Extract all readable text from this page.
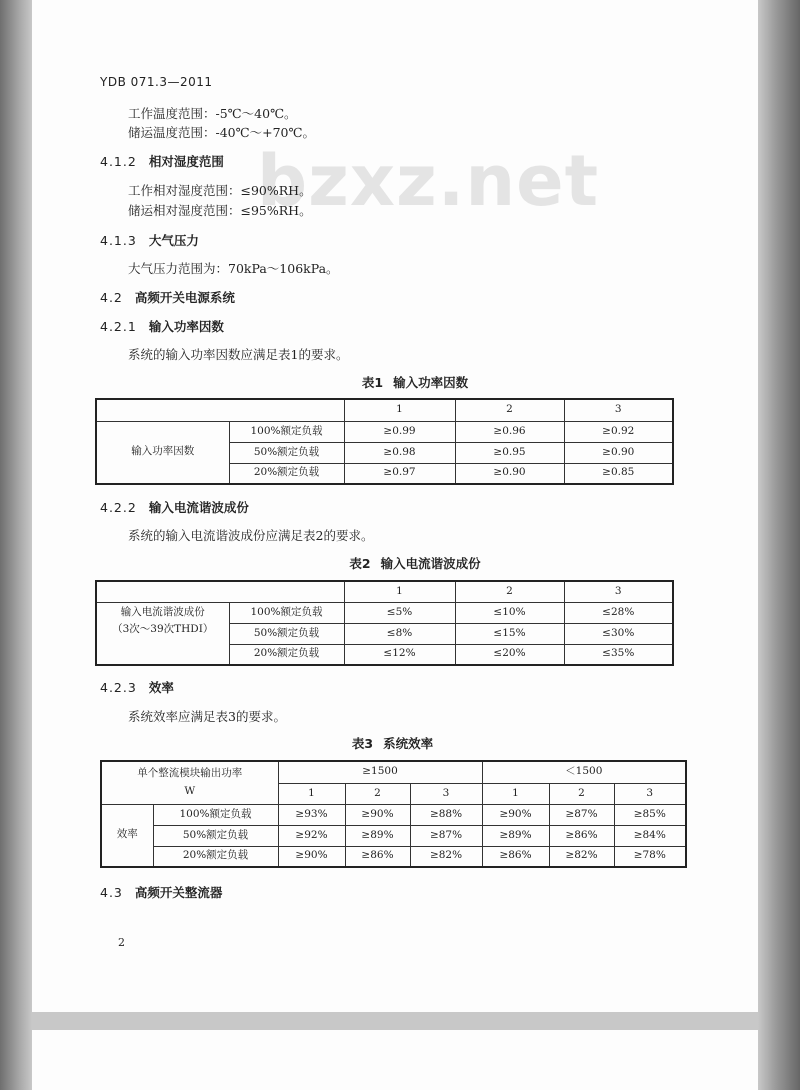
bzxz.net
YDB 071.3—2011
工作温度范围：-5℃～40℃。
储运温度范围：-40℃～+70℃。
4.1.2 相对湿度范围
工作相对湿度范围：≤90%RH。
储运相对湿度范围：≤95%RH。
4.1.3 大气压力
大气压力范围为：70kPa～106kPa。
4.2 高频开关电源系统
4.2.1 输入功率因数
系统的输入功率因数应满足表1的要求。
表1 输入功率因数
		1	2	3
输入功率因数	100%额定负载	≥0.99	≥0.96	≥0.92
	50%额定负载	≥0.98	≥0.95	≥0.90
	20%额定负载	≥0.97	≥0.90	≥0.85
4.2.2 输入电流谐波成份
系统的输入电流谐波成份应满足表2的要求。
表2 输入电流谐波成份
		1	2	3

输入电流谐波成份
（3次～39次THDI）	100%额定负载	≤5%	≤10%	≤28%
	50%额定负载	≤8%	≤15%	≤30%
	20%额定负载	≤12%	≤20%	≤35%
4.2.3 效率
系统效率应满足表3的要求。
表3 系统效率
单个整流模块输出功率
W		≥1500			＜1500		
		1	2	3	1	2	3
效率	100%额定负载	≥93%	≥90%	≥88%	≥90%	≥87%	≥85%
	50%额定负载	≥92%	≥89%	≥87%	≥89%	≥86%	≥84%
	20%额定负载	≥90%	≥86%	≥82%	≥86%	≥82%	≥78%
4.3 高频开关整流器
2
